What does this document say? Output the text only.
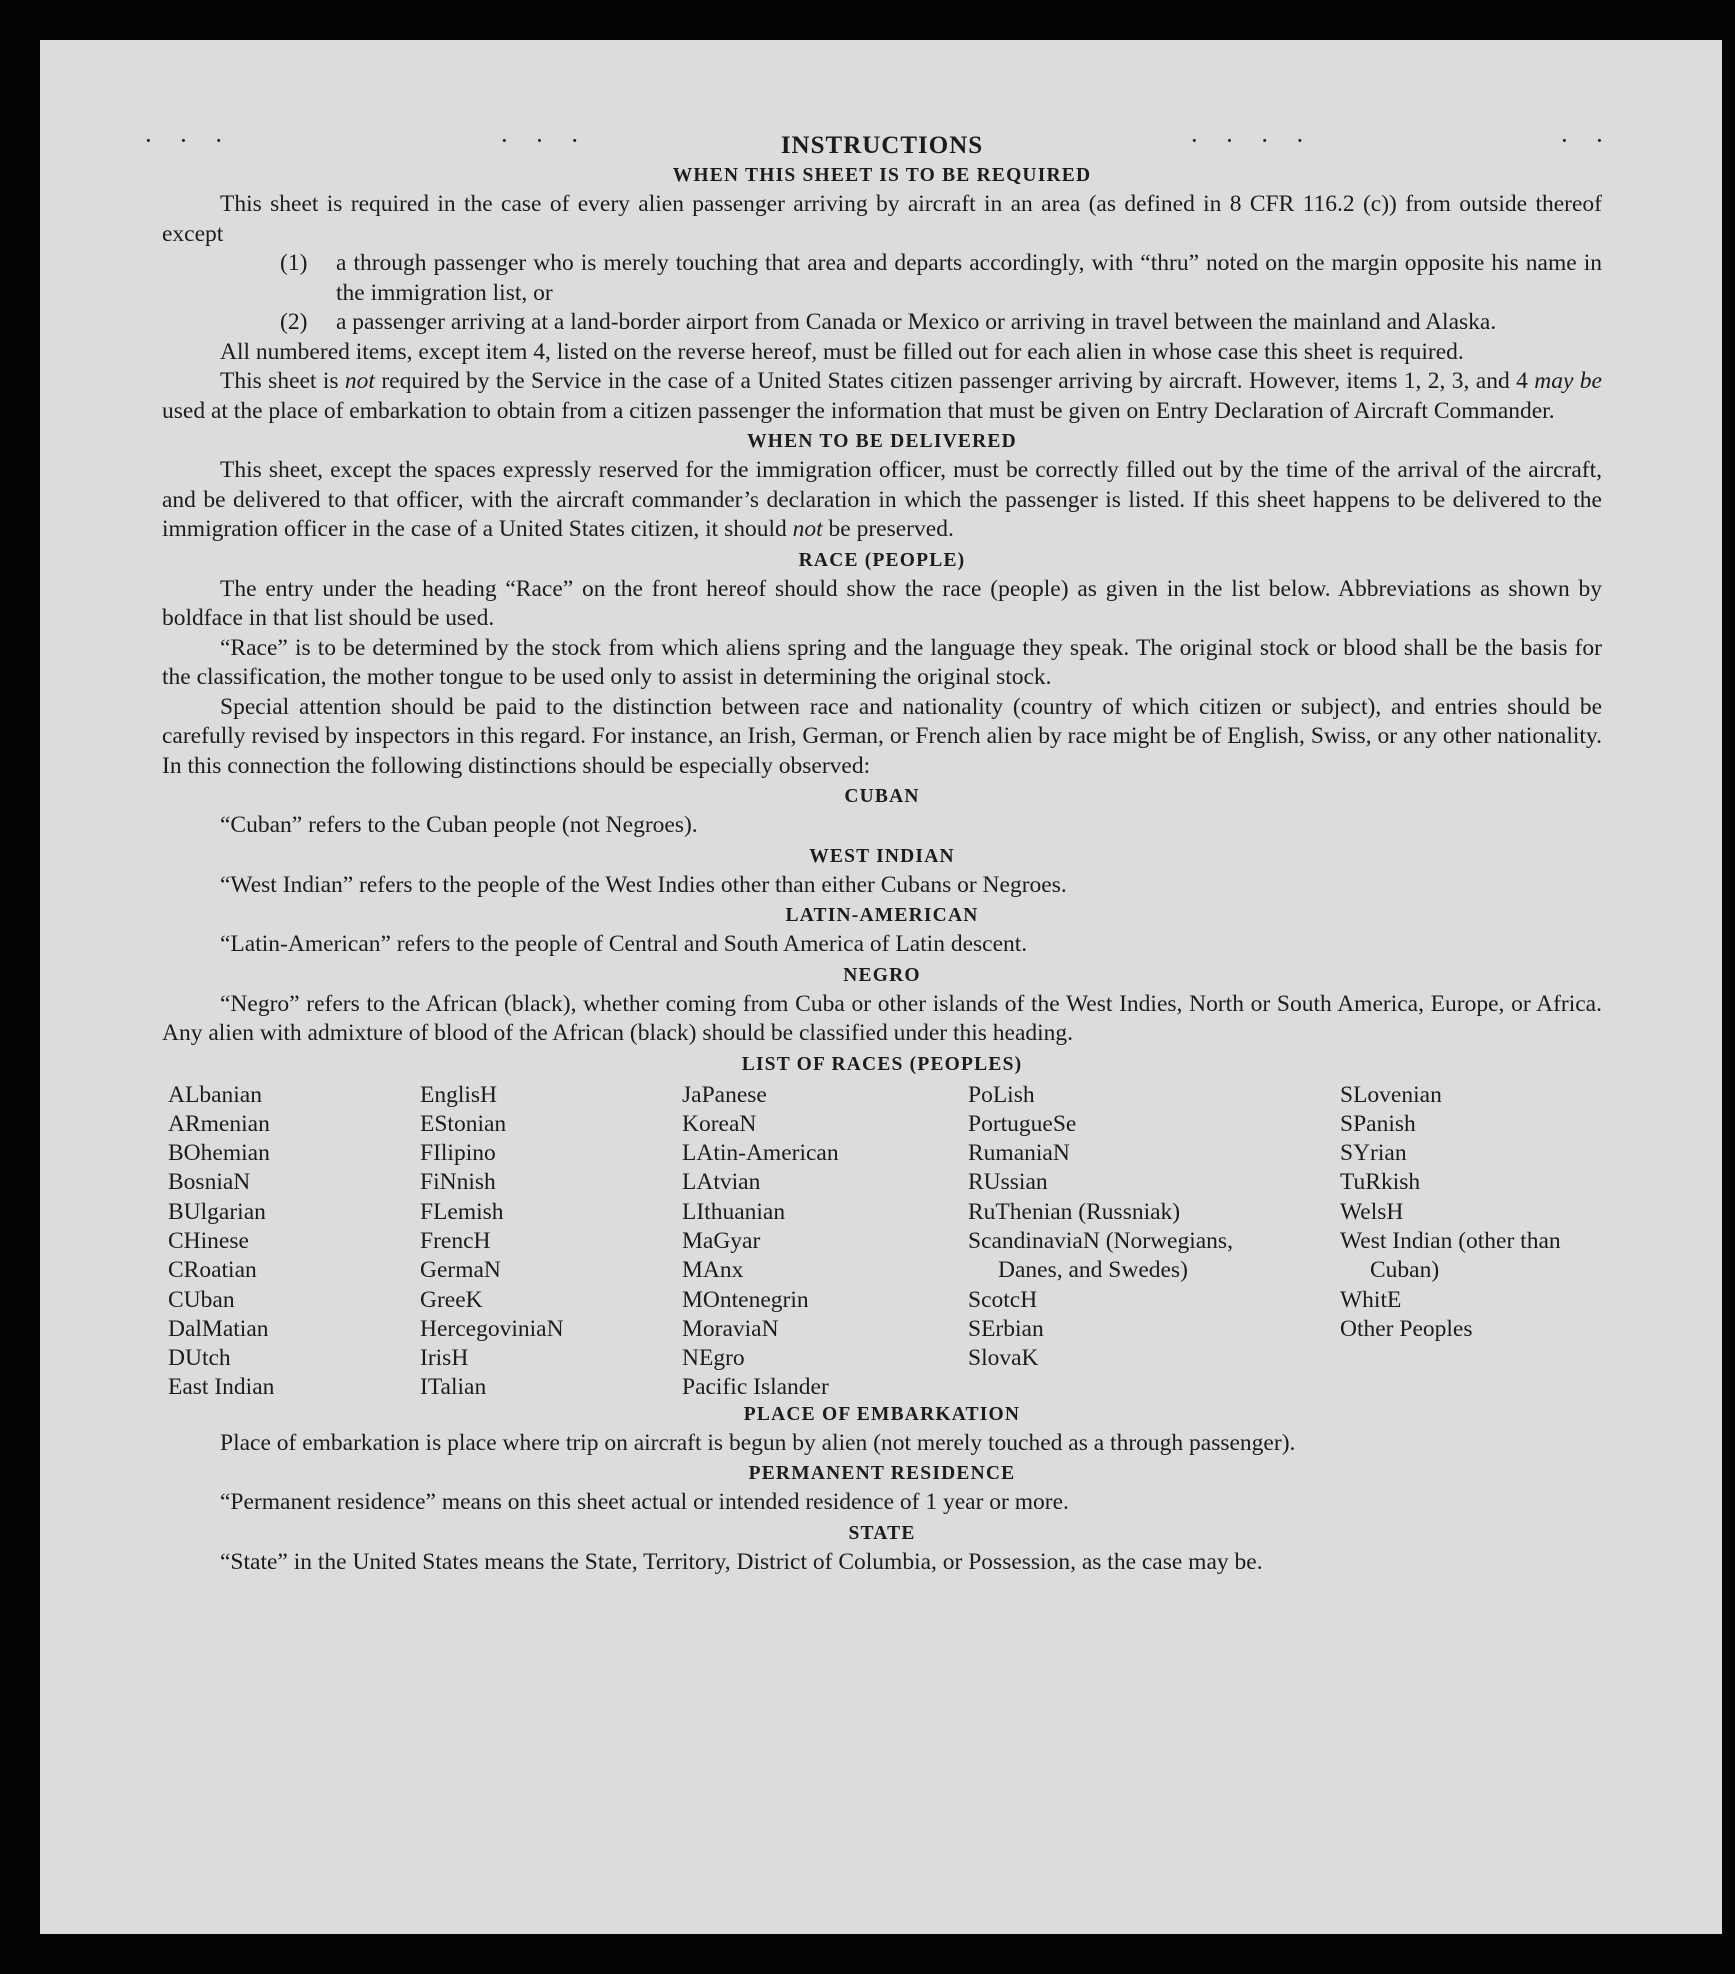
· · ·	· · ·	· · · ·	· ·
INSTRUCTIONS
WHEN THIS SHEET IS TO BE REQUIRED

This sheet is required in the case of every alien passenger arriving by aircraft in an area (as defined in 8 CFR 116.2 (c)) from outside thereof except

(1)	a through passenger who is merely touching that area and departs accordingly, with “thru” noted on the margin opposite his name in the immigration list, or
(2)	a passenger arriving at a land-border airport from Canada or Mexico or arriving in travel between the mainland and Alaska.

All numbered items, except item 4, listed on the reverse hereof, must be filled out for each alien in whose case this sheet is required.

This sheet is not required by the Service in the case of a United States citizen passenger arriving by aircraft. However, items 1, 2, 3, and 4 may be used at the place of embarkation to obtain from a citizen passenger the information that must be given on Entry Declaration of Aircraft Commander.

WHEN TO BE DELIVERED

This sheet, except the spaces expressly reserved for the immigration officer, must be correctly filled out by the time of the arrival of the aircraft, and be delivered to that officer, with the aircraft commander’s declaration in which the passenger is listed. If this sheet happens to be delivered to the immigration officer in the case of a United States citizen, it should not be preserved.

RACE (PEOPLE)

The entry under the heading “Race” on the front hereof should show the race (people) as given in the list below. Abbreviations as shown by boldface in that list should be used.

“Race” is to be determined by the stock from which aliens spring and the language they speak. The original stock or blood shall be the basis for the classification, the mother tongue to be used only to assist in determining the original stock.

Special attention should be paid to the distinction between race and nationality (country of which citizen or subject), and entries should be carefully revised by inspectors in this regard. For instance, an Irish, German, or French alien by race might be of English, Swiss, or any other nationality. In this connection the following distinctions should be especially observed:

CUBAN

“Cuban” refers to the Cuban people (not Negroes).

WEST INDIAN

“West Indian” refers to the people of the West Indies other than either Cubans or Negroes.

LATIN-AMERICAN

“Latin-American” refers to the people of Central and South America of Latin descent.

NEGRO

“Negro” refers to the African (black), whether coming from Cuba or other islands of the West Indies, North or South America, Europe, or Africa. Any alien with admixture of blood of the African (black) should be classified under this heading.

LIST OF RACES (PEOPLES)
ALbanian
ARmenian
BOhemian
BosniaN
BUlgarian
CHinese
CRoatian
CUban
DalMatian
DUtch
East Indian
EnglisH
EStonian
FIlipino
FiNnish
FLemish
FrencH
GermaN
GreeK
HercegoviniaN
IrisH
ITalian
JaPanese
KoreaN
LAtin-American
LAtvian
LIthuanian
MaGyar
MAnx
MOntenegrin
MoraviaN
NEgro
Pacific Islander
PoLish
PortugueSe
RumaniaN
RUssian
RuThenian (Russniak)
ScandinaviaN (Norwegians, Danes, and Swedes)
ScotcH
SErbian
SlovaK
SLovenian
SPanish
SYrian
TuRkish
WelsH
West Indian (other than Cuban)
WhitE
Other Peoples
PLACE OF EMBARKATION

Place of embarkation is place where trip on aircraft is begun by alien (not merely touched as a through passenger).

PERMANENT RESIDENCE

“Permanent residence” means on this sheet actual or intended residence of 1 year or more.

STATE

“State” in the United States means the State, Territory, District of Columbia, or Possession, as the case may be.
